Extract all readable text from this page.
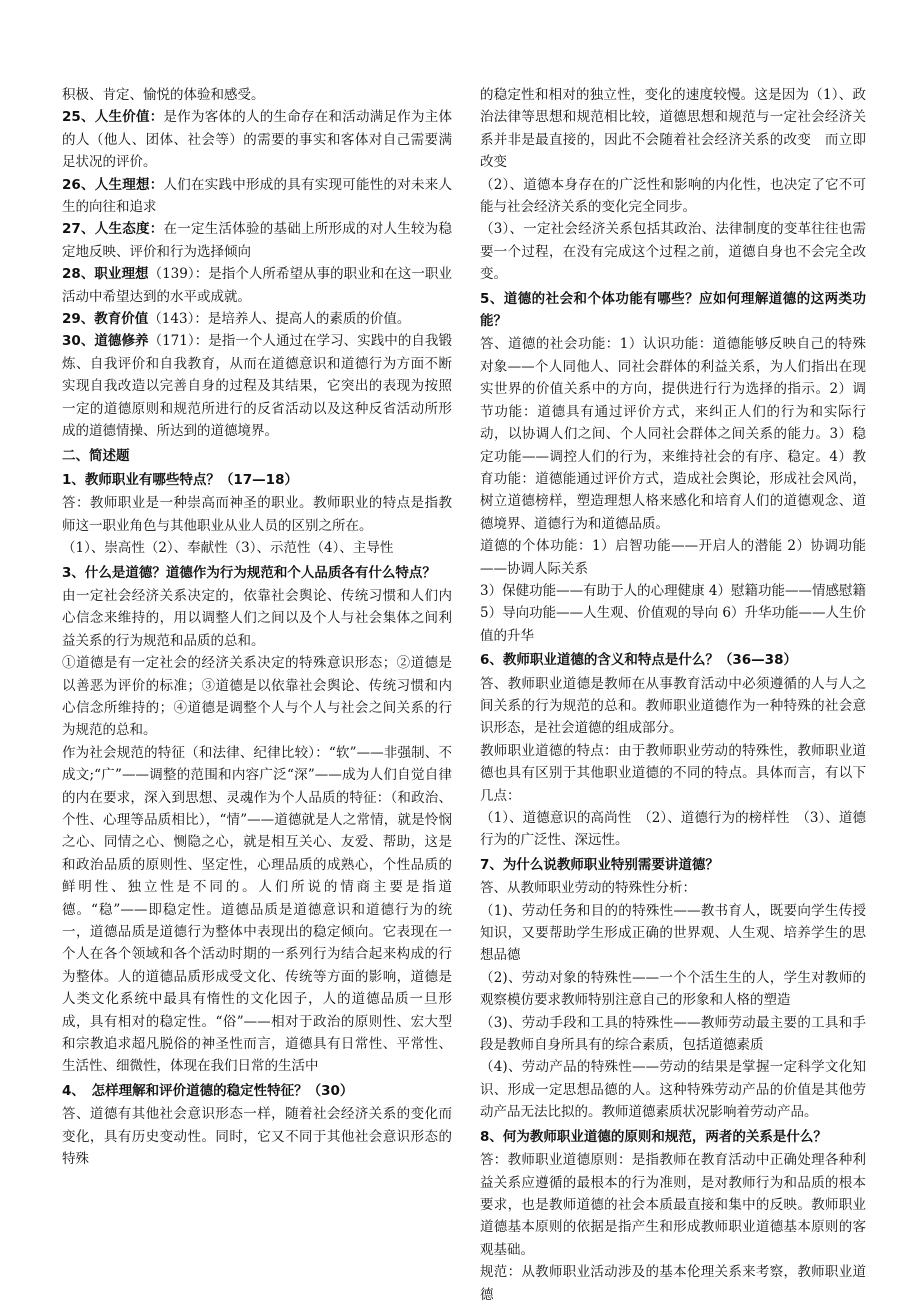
积极、肯定、愉悦的体验和感受。

25、人生价值：是作为客体的人的生命存在和活动满足作为主体的人（他人、团体、社会等）的需要的事实和客体对自己需要满足状况的评价。

26、人生理想：人们在实践中形成的具有实现可能性的对未来人生的向往和追求

27、人生态度：在一定生活体验的基础上所形成的对人生较为稳定地反映、评价和行为选择倾向

28、职业理想（139）：是指个人所希望从事的职业和在这一职业活动中希望达到的水平或成就。

29、教育价值（143）：是培养人、提高人的素质的价值。

30、道德修养（171）：是指一个人通过在学习、实践中的自我锻炼、自我评价和自我教育，从而在道德意识和道德行为方面不断实现自我改造以完善自身的过程及其结果，它突出的表现为按照一定的道德原则和规范所进行的反省活动以及这种反省活动所形成的道德情操、所达到的道德境界。

二、简述题

1、教师职业有哪些特点？（17—18）

答：教师职业是一种崇高而神圣的职业。教师职业的特点是指教师这一职业角色与其他职业从业人员的区别之所在。

（1）、崇高性（2）、奉献性（3）、示范性（4）、主导性

3、什么是道德？道德作为行为规范和个人品质各有什么特点？

由一定社会经济关系决定的，依靠社会舆论、传统习惯和人们内心信念来维持的，用以调整人们之间以及个人与社会集体之间利益关系的行为规范和品质的总和。

①道德是有一定社会的经济关系决定的特殊意识形态；②道德是以善恶为评价的标准；③道德是以依靠社会舆论、传统习惯和内心信念所维持的；④道德是调整个人与个人与社会之间关系的行为规范的总和。

作为社会规范的特征（和法律、纪律比较）：“软”——非强制、不成文;“广”——调整的范围和内容广泛“深”——成为人们自觉自律的内在要求，深入到思想、灵魂作为个人品质的特征：（和政治、个性、心理等品质相比），“情”——道德就是人之常情，就是怜悯之心、同情之心、恻隐之心，就是相互关心、友爱、帮助，这是和政治品质的原则性、坚定性，心理品质的成熟心，个性品质的鲜明性、独立性是不同的。人们所说的情商主要是指道德。“稳”——即稳定性。道德品质是道德意识和道德行为的统一，道德品质是道德行为整体中表现出的稳定倾向。它表现在一个人在各个领域和各个活动时期的一系列行为结合起来构成的行为整体。人的道德品质形成受文化、传统等方面的影响，道德是人类文化系统中最具有惰性的文化因子，人的道德品质一旦形成，具有相对的稳定性。“俗”——相对于政治的原则性、宏大型和宗教追求超凡脱俗的神圣性而言，道德具有日常性、平常性、生活性、细微性，体现在我们日常的生活中

4、　怎样理解和评价道德的稳定性特征？（30）

答、道德有其他社会意识形态一样，随着社会经济关系的变化而变化，具有历史变动性。同时，它又不同于其他社会意识形态的特殊

的稳定性和相对的独立性，变化的速度较慢。这是因为（1）、政治法律等思想和规范相比较，道德思想和规范与一定社会经济关系并非是最直接的，因此不会随着社会经济关系的改变　而立即改变

（2）、道德本身存在的广泛性和影响的内化性，也决定了它不可能与社会经济关系的变化完全同步。

（3）、一定社会经济关系包括其政治、法律制度的变革往往也需要一个过程，在没有完成这个过程之前，道德自身也不会完全改变。

5、道德的社会和个体功能有哪些？应如何理解道德的这两类功能？

答、道德的社会功能：1）认识功能：道德能够反映自己的特殊对象——个人同他人、同社会群体的利益关系，为人们指出在现实世界的价值关系中的方向，提供进行行为选择的指示。2）调节功能：道德具有通过评价方式，来纠正人们的行为和实际行动，以协调人们之间、个人同社会群体之间关系的能力。3）稳定功能——调控人们的行为，来维持社会的有序、稳定。4）教育功能：道德能通过评价方式，造成社会舆论，形成社会风尚，树立道德榜样，塑造理想人格来感化和培育人们的道德观念、道德境界、道德行为和道德品质。

道德的个体功能：1）启智功能——开启人的潜能 2）协调功能——协调人际关系

3）保健功能——有助于人的心理健康 4）慰籍功能——情感慰籍 5）导向功能——人生观、价值观的导向 6）升华功能——人生价值的升华

6、教师职业道德的含义和特点是什么？（36—38）

答、教师职业道德是教师在从事教育活动中必须遵循的人与人之间关系的行为规范的总和。教师职业道德作为一种特殊的社会意识形态，是社会道德的组成部分。

教师职业道德的特点：由于教师职业劳动的特殊性，教师职业道德也具有区别于其他职业道德的不同的特点。具体而言，有以下几点：

（1）、道德意识的高尚性　（2）、道德行为的榜样性　（3）、道德行为的广泛性、深远性。

7、为什么说教师职业特别需要讲道德？

答、从教师职业劳动的特殊性分析：

（1)、劳动任务和目的的特殊性——教书育人，既要向学生传授知识，又要帮助学生形成正确的世界观、人生观、培养学生的思想品德

（2)、劳动对象的特殊性——一个个活生生的人，学生对教师的观察模仿要求教师特别注意自己的形象和人格的塑造

（3)、劳动手段和工具的特殊性——教师劳动最主要的工具和手段是教师自身所具有的综合素质，包括道德素质

（4)、劳动产品的特殊性——劳动的结果是掌握一定科学文化知识、形成一定思想品德的人。这种特殊劳动产品的价值是其他劳动产品无法比拟的。教师道德素质状况影响着劳动产品。

8、何为教师职业道德的原则和规范，两者的关系是什么？

答：教师职业道德原则：是指教师在教育活动中正确处理各种利益关系应遵循的最根本的行为准则，是对教师行为和品质的根本要求，也是教师道德的社会本质最直接和集中的反映。教师职业道德基本原则的依据是指产生和形成教师职业道德基本原则的客观基础。

规范：从教师职业活动涉及的基本伦理关系来考察，教师职业道德
